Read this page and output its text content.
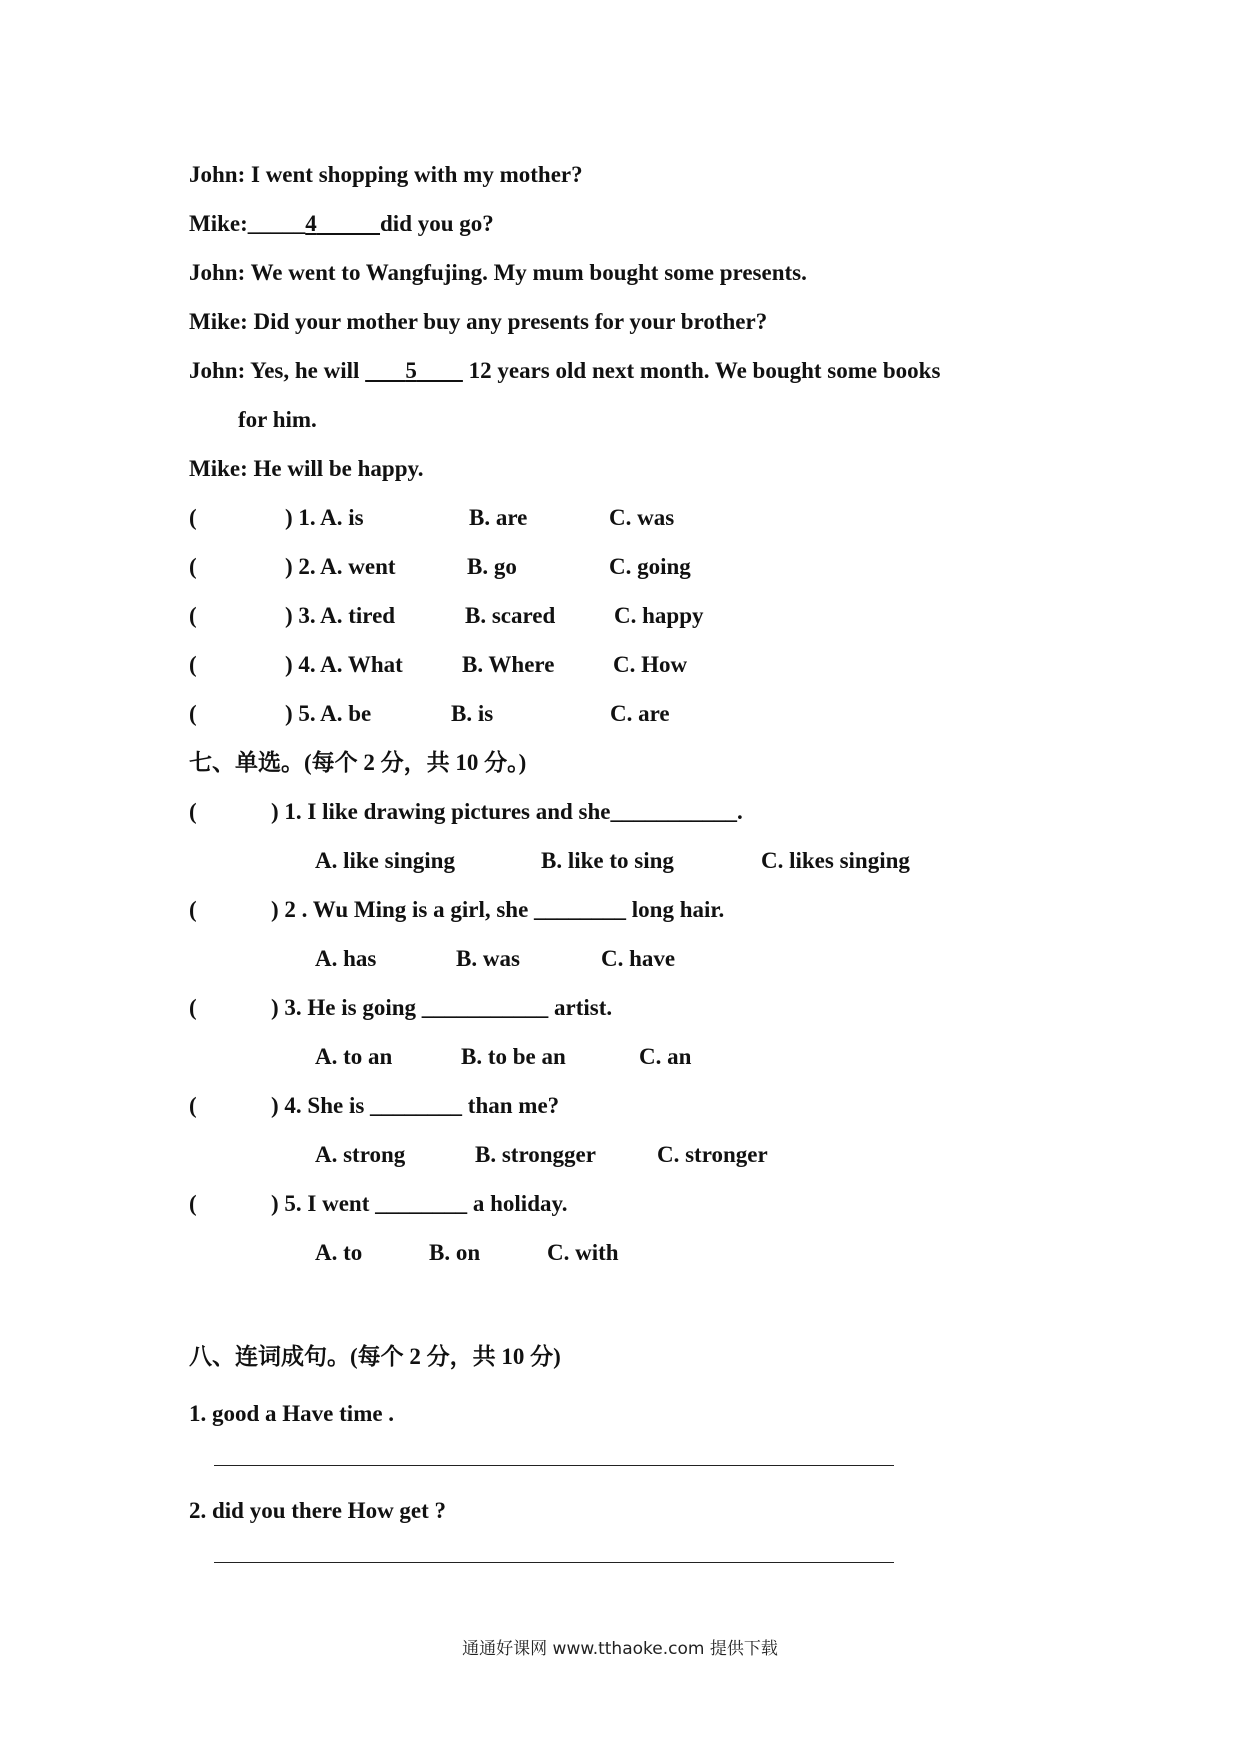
John: I went shopping with my mother?
Mike:_____4	did you go?
John: We went to Wangfujing. My mum bought some presents.
Mike: Did your mother buy any presents for your brother?
John: Yes, he will        5         12 years old next month. We bought some books
for him.
Mike: He will be happy.
(	) 1. A. is	B. are	C. was
(	) 2. A. went	B. go	C. going
(	) 3. A. tired	B. scared	C. happy
(	) 4. A. What	B. Where	C. How
(	) 5. A. be	B. is	C. are
七、单选。(每个 2 分，共 10 分。)
(	) 1. I like drawing pictures and she___________.
A. like singing	B. like to sing	C. likes singing
(	) 2 . Wu Ming is a girl, she ________ long hair.
A. has	B. was	C. have
(	) 3. He is going ___________ artist.
A. to an	B. to be an	C. an
(	) 4. She is ________ than me?
A. strong	B. strongger	C. stronger
(	) 5. I went ________ a holiday.
A. to	B. on	C. with
八、连词成句。(每个 2 分，共 10 分)
1. good a Have time .
2. did you there How get ?
通通好课网 www.tthaoke.com 提供下载
